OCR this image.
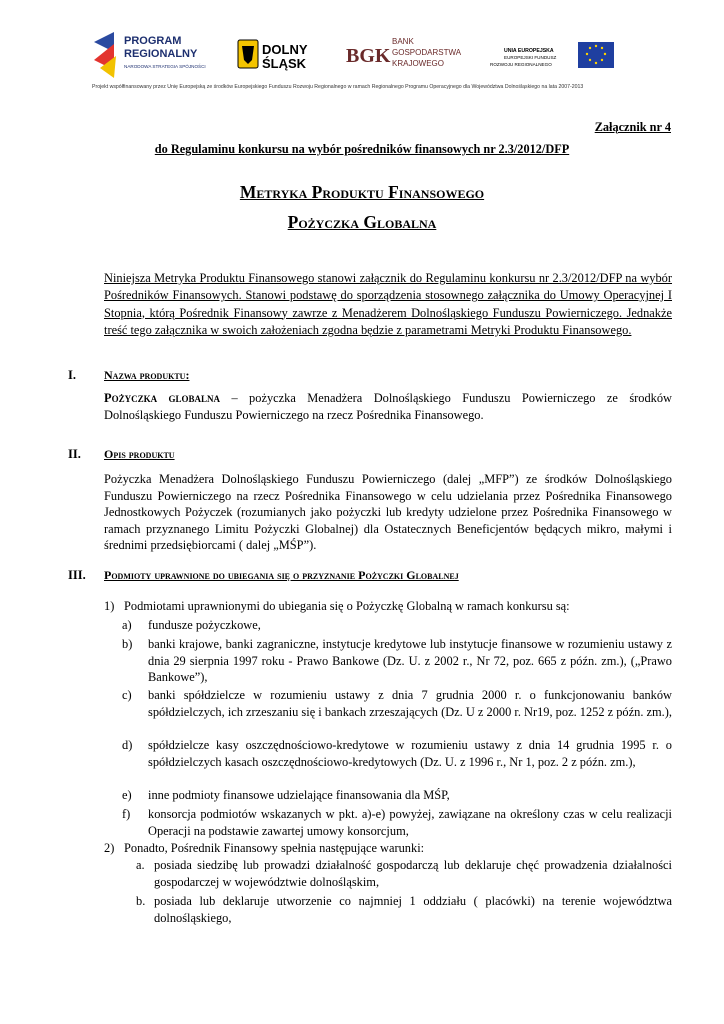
PROGRAM
REGIONALNY
NARODOWA STRATEGIA SPÓJNOŚCI
DOLNY
ŚLĄSK BGK
BANK
GOSPODARSTWA
KRAJOWEGO
UNIA EUROPEJSKA
EUROPEJSKI FUNDUSZ
ROZWOJU REGIONALNEGO
Projekt współfinansowany przez Unię Europejską ze środków Europejskiego Funduszu Rozwoju Regionalnego w ramach Regionalnego Programu Operacyjnego dla Województwa Dolnośląskiego na lata 2007-2013
Załącznik nr 4
do Regulaminu konkursu na wybór pośredników finansowych nr 2.3/2012/DFP
Metryka Produktu Finansowego
Pożyczka Globalna
Niniejsza Metryka Produktu Finansowego stanowi załącznik do Regulaminu konkursu nr 2.3/2012/DFP na wybór Pośredników Finansowych. Stanowi podstawę do sporządzenia stosownego załącznika do Umowy Operacyjnej I Stopnia, którą Pośrednik Finansowy zawrze z Menadżerem Dolnośląskiego Funduszu Powierniczego. Jednakże treść tego załącznika w swoich założeniach zgodna będzie z parametrami Metryki Produktu Finansowego.
I. Nazwa produktu:
Pożyczka globalna – pożyczka Menadżera Dolnośląskiego Funduszu Powierniczego ze środków Dolnośląskiego Funduszu Powierniczego na rzecz Pośrednika Finansowego.
II. Opis produktu
Pożyczka Menadżera Dolnośląskiego Funduszu Powierniczego (dalej „MFP”) ze środków Dolnośląskiego Funduszu Powierniczego na rzecz Pośrednika Finansowego w celu udzielania przez Pośrednika Finansowego Jednostkowych Pożyczek (rozumianych jako pożyczki lub kredyty udzielone przez Pośrednika Finansowego w ramach przyznanego Limitu Pożyczki Globalnej) dla Ostatecznych Beneficjentów będących mikro, małymi i średnimi przedsiębiorcami ( dalej „MŚP”).
III. Podmioty uprawnione do ubiegania się o przyznanie Pożyczki Globalnej
1) Podmiotami uprawnionymi do ubiegania się o Pożyczkę Globalną w ramach konkursu są:
a) fundusze pożyczkowe,
b) banki krajowe, banki zagraniczne, instytucje kredytowe lub instytucje finansowe w rozumieniu ustawy z dnia 29 sierpnia 1997 roku - Prawo Bankowe (Dz. U. z 2002 r., Nr 72, poz. 665 z późn. zm.), („Prawo Bankowe”),
c) banki spółdzielcze w rozumieniu ustawy z dnia 7 grudnia 2000 r. o funkcjonowaniu banków spółdzielczych, ich zrzeszaniu się i bankach zrzeszających (Dz. U z 2000 r. Nr19, poz. 1252 z późn. zm.),
d) spółdzielcze kasy oszczędnościowo-kredytowe w rozumieniu ustawy z dnia 14 grudnia 1995 r. o spółdzielczych kasach oszczędnościowo-kredytowych (Dz. U. z 1996 r., Nr 1, poz. 2 z późn. zm.),
e) inne podmioty finansowe udzielające finansowania dla MŚP,
f) konsorcja podmiotów wskazanych w pkt. a)-e) powyżej, zawiązane na określony czas w celu realizacji Operacji na podstawie zawartej umowy konsorcjum,
2) Ponadto, Pośrednik Finansowy spełnia następujące warunki:
a. posiada siedzibę lub prowadzi działalność gospodarczą lub deklaruje chęć prowadzenia działalności gospodarczej w województwie dolnośląskim,
b. posiada lub deklaruje utworzenie co najmniej 1 oddziału ( placówki) na terenie województwa dolnośląskiego,
